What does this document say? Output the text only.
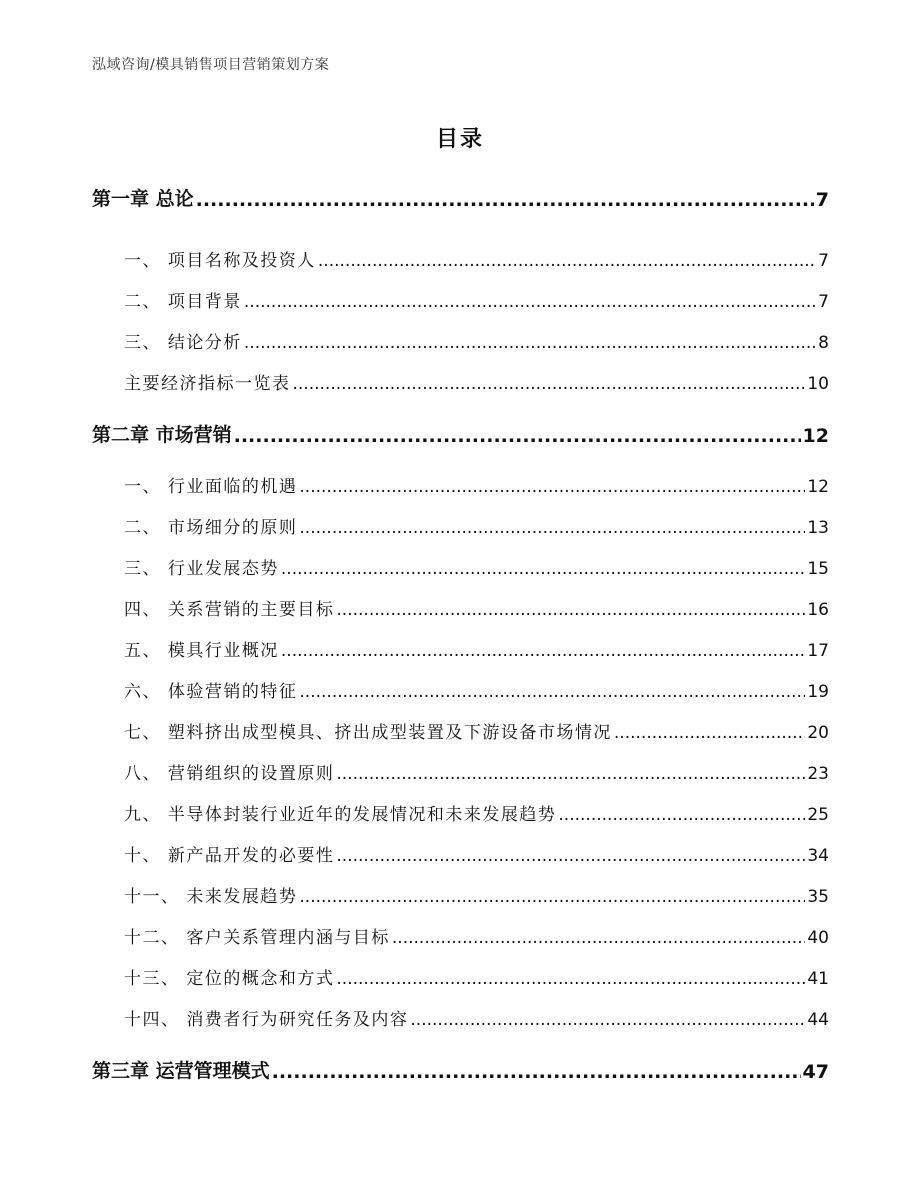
泓域咨询/模具销售项目营销策划方案
目录
第一章 总论 .....	7
一、 项目名称及投资人 .....	7
二、 项目背景 .....	7
三、 结论分析 .....	8
主要经济指标一览表 .....	10
第二章 市场营销 .....	12
一、 行业面临的机遇 .....	12
二、 市场细分的原则 .....	13
三、 行业发展态势 .....	15
四、 关系营销的主要目标 .....	16
五、 模具行业概况 .....	17
六、 体验营销的特征 .....	19
七、 塑料挤出成型模具、挤出成型装置及下游设备市场情况 .....	20
八、 营销组织的设置原则 .....	23
九、 半导体封装行业近年的发展情况和未来发展趋势 .....	25
十、 新产品开发的必要性 .....	34
十一、 未来发展趋势 .....	35
十二、 客户关系管理内涵与目标 .....	40
十三、 定位的概念和方式 .....	41
十四、 消费者行为研究任务及内容 .....	44
第三章 运营管理模式 .....	47
